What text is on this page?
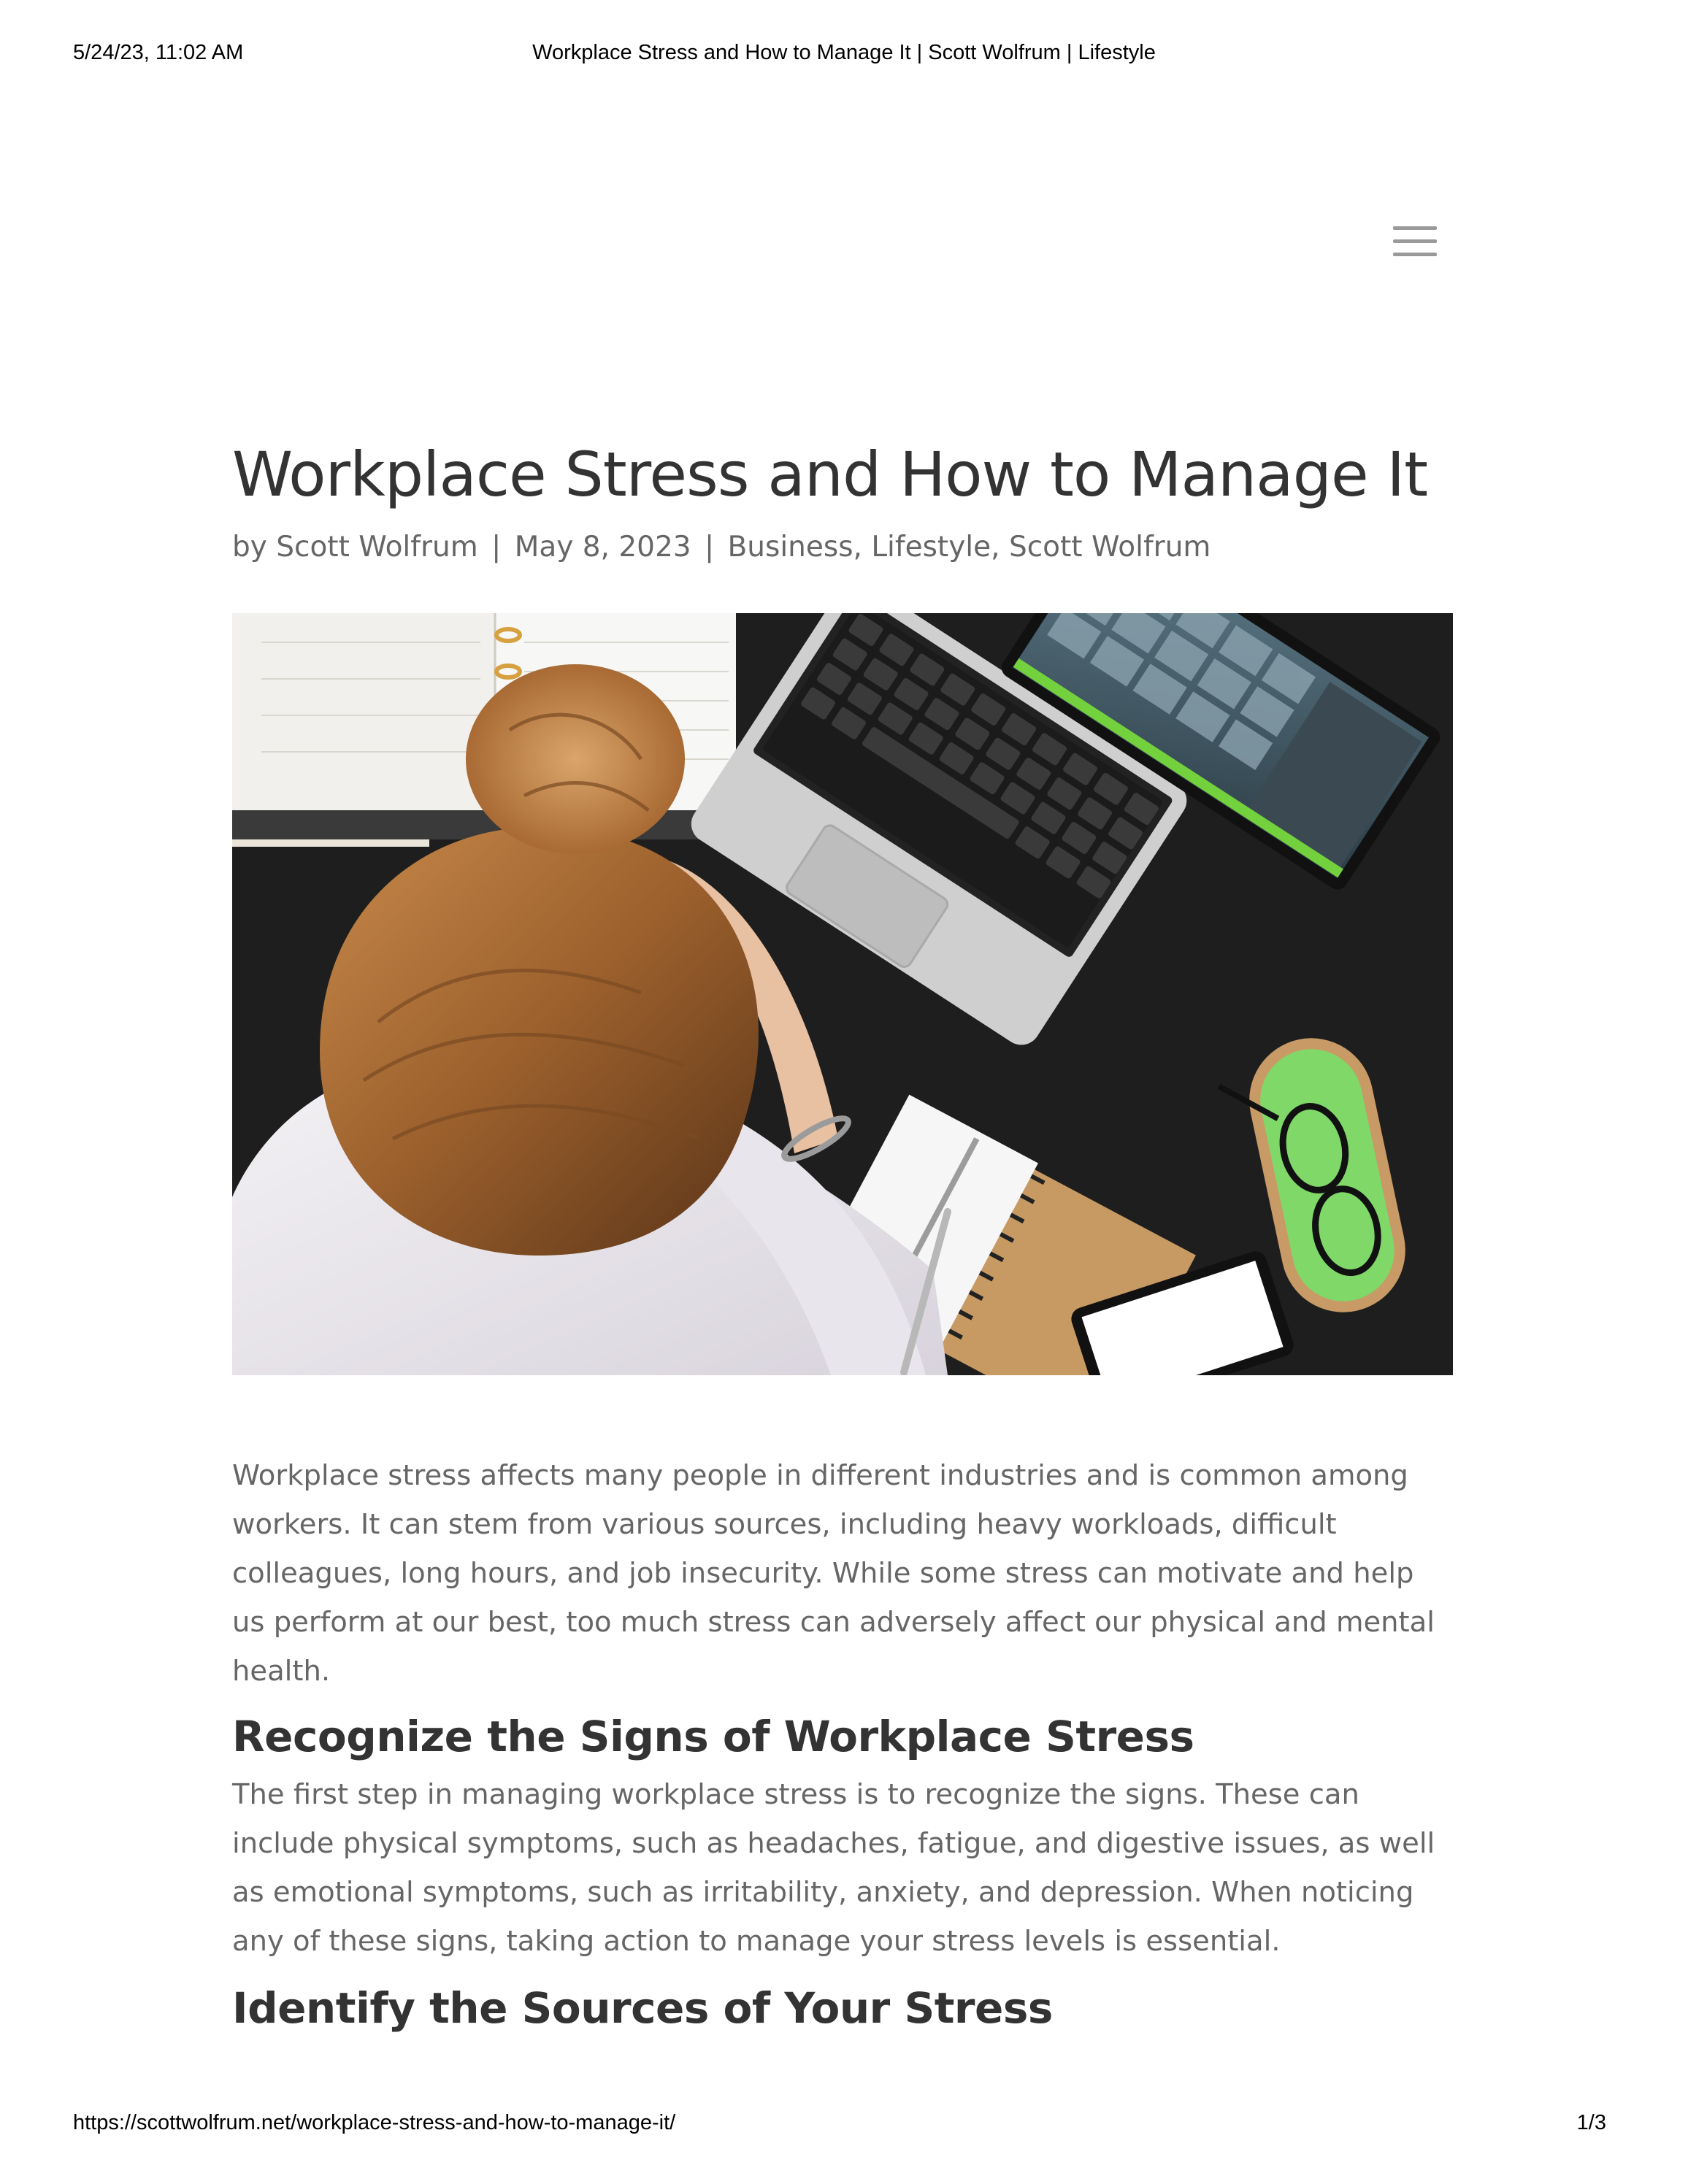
5/24/23, 11:02 AM	Workplace Stress and How to Manage It | Scott Wolfrum | Lifestyle
Workplace Stress and How to Manage It
by Scott Wolfrum | May 8, 2023 | Business, Lifestyle, Scott Wolfrum

Workplace stress affects many people in different industries and is common among workers. It can stem from various sources, including heavy workloads, difficult colleagues, long hours, and job insecurity. While some stress can motivate and help us perform at our best, too much stress can adversely affect our physical and mental health.

Recognize the Signs of Workplace Stress

The first step in managing workplace stress is to recognize the signs. These can include physical symptoms, such as headaches, fatigue, and digestive issues, as well as emotional symptoms, such as irritability, anxiety, and depression. When noticing any of these signs, taking action to manage your stress levels is essential.

Identify the Sources of Your Stress
https://scottwolfrum.net/workplace-stress-and-how-to-manage-it/	1/3
